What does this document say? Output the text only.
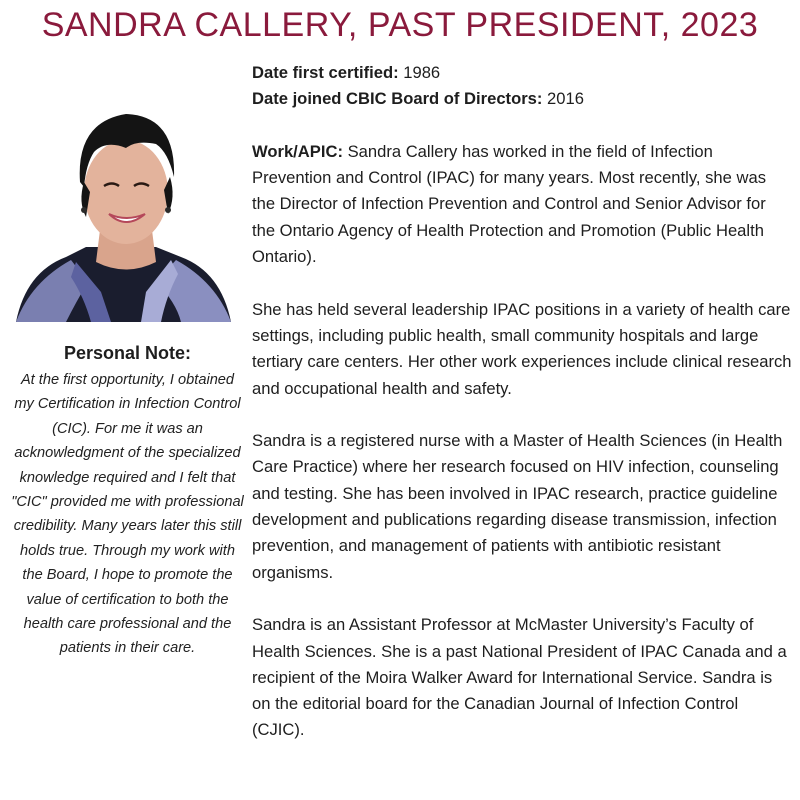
SANDRA CALLERY, PAST PRESIDENT, 2023
Personal Note:
At the first opportunity, I obtained my Certification in Infection Control (CIC). For me it was an acknowledgment of the specialized knowledge required and I felt that "CIC" provided me with professional credibility. Many years later this still holds true. Through my work with the Board, I hope to promote the value of certification to both the health care professional and the patients in their care.

Date first certified: 1986

Date joined CBIC Board of Directors: 2016

Work/APIC: Sandra Callery has worked in the field of Infection Prevention and Control (IPAC) for many years. Most recently, she was the Director of Infection Prevention and Control and Senior Advisor for the Ontario Agency of Health Protection and Promotion (Public Health Ontario).

She has held several leadership IPAC positions in a variety of health care settings, including public health, small community hospitals and large tertiary care centers. Her other work experiences include clinical research and occupational health and safety.

Sandra is a registered nurse with a Master of Health Sciences (in Health Care Practice) where her research focused on HIV infection, counseling and testing. She has been involved in IPAC research, practice guideline development and publications regarding disease transmission, infection prevention, and management of patients with antibiotic resistant organisms.

Sandra is an Assistant Professor at McMaster University’s Faculty of Health Sciences. She is a past National President of IPAC Canada and a recipient of the Moira Walker Award for International Service. Sandra is on the editorial board for the Canadian Journal of Infection Control (CJIC).
